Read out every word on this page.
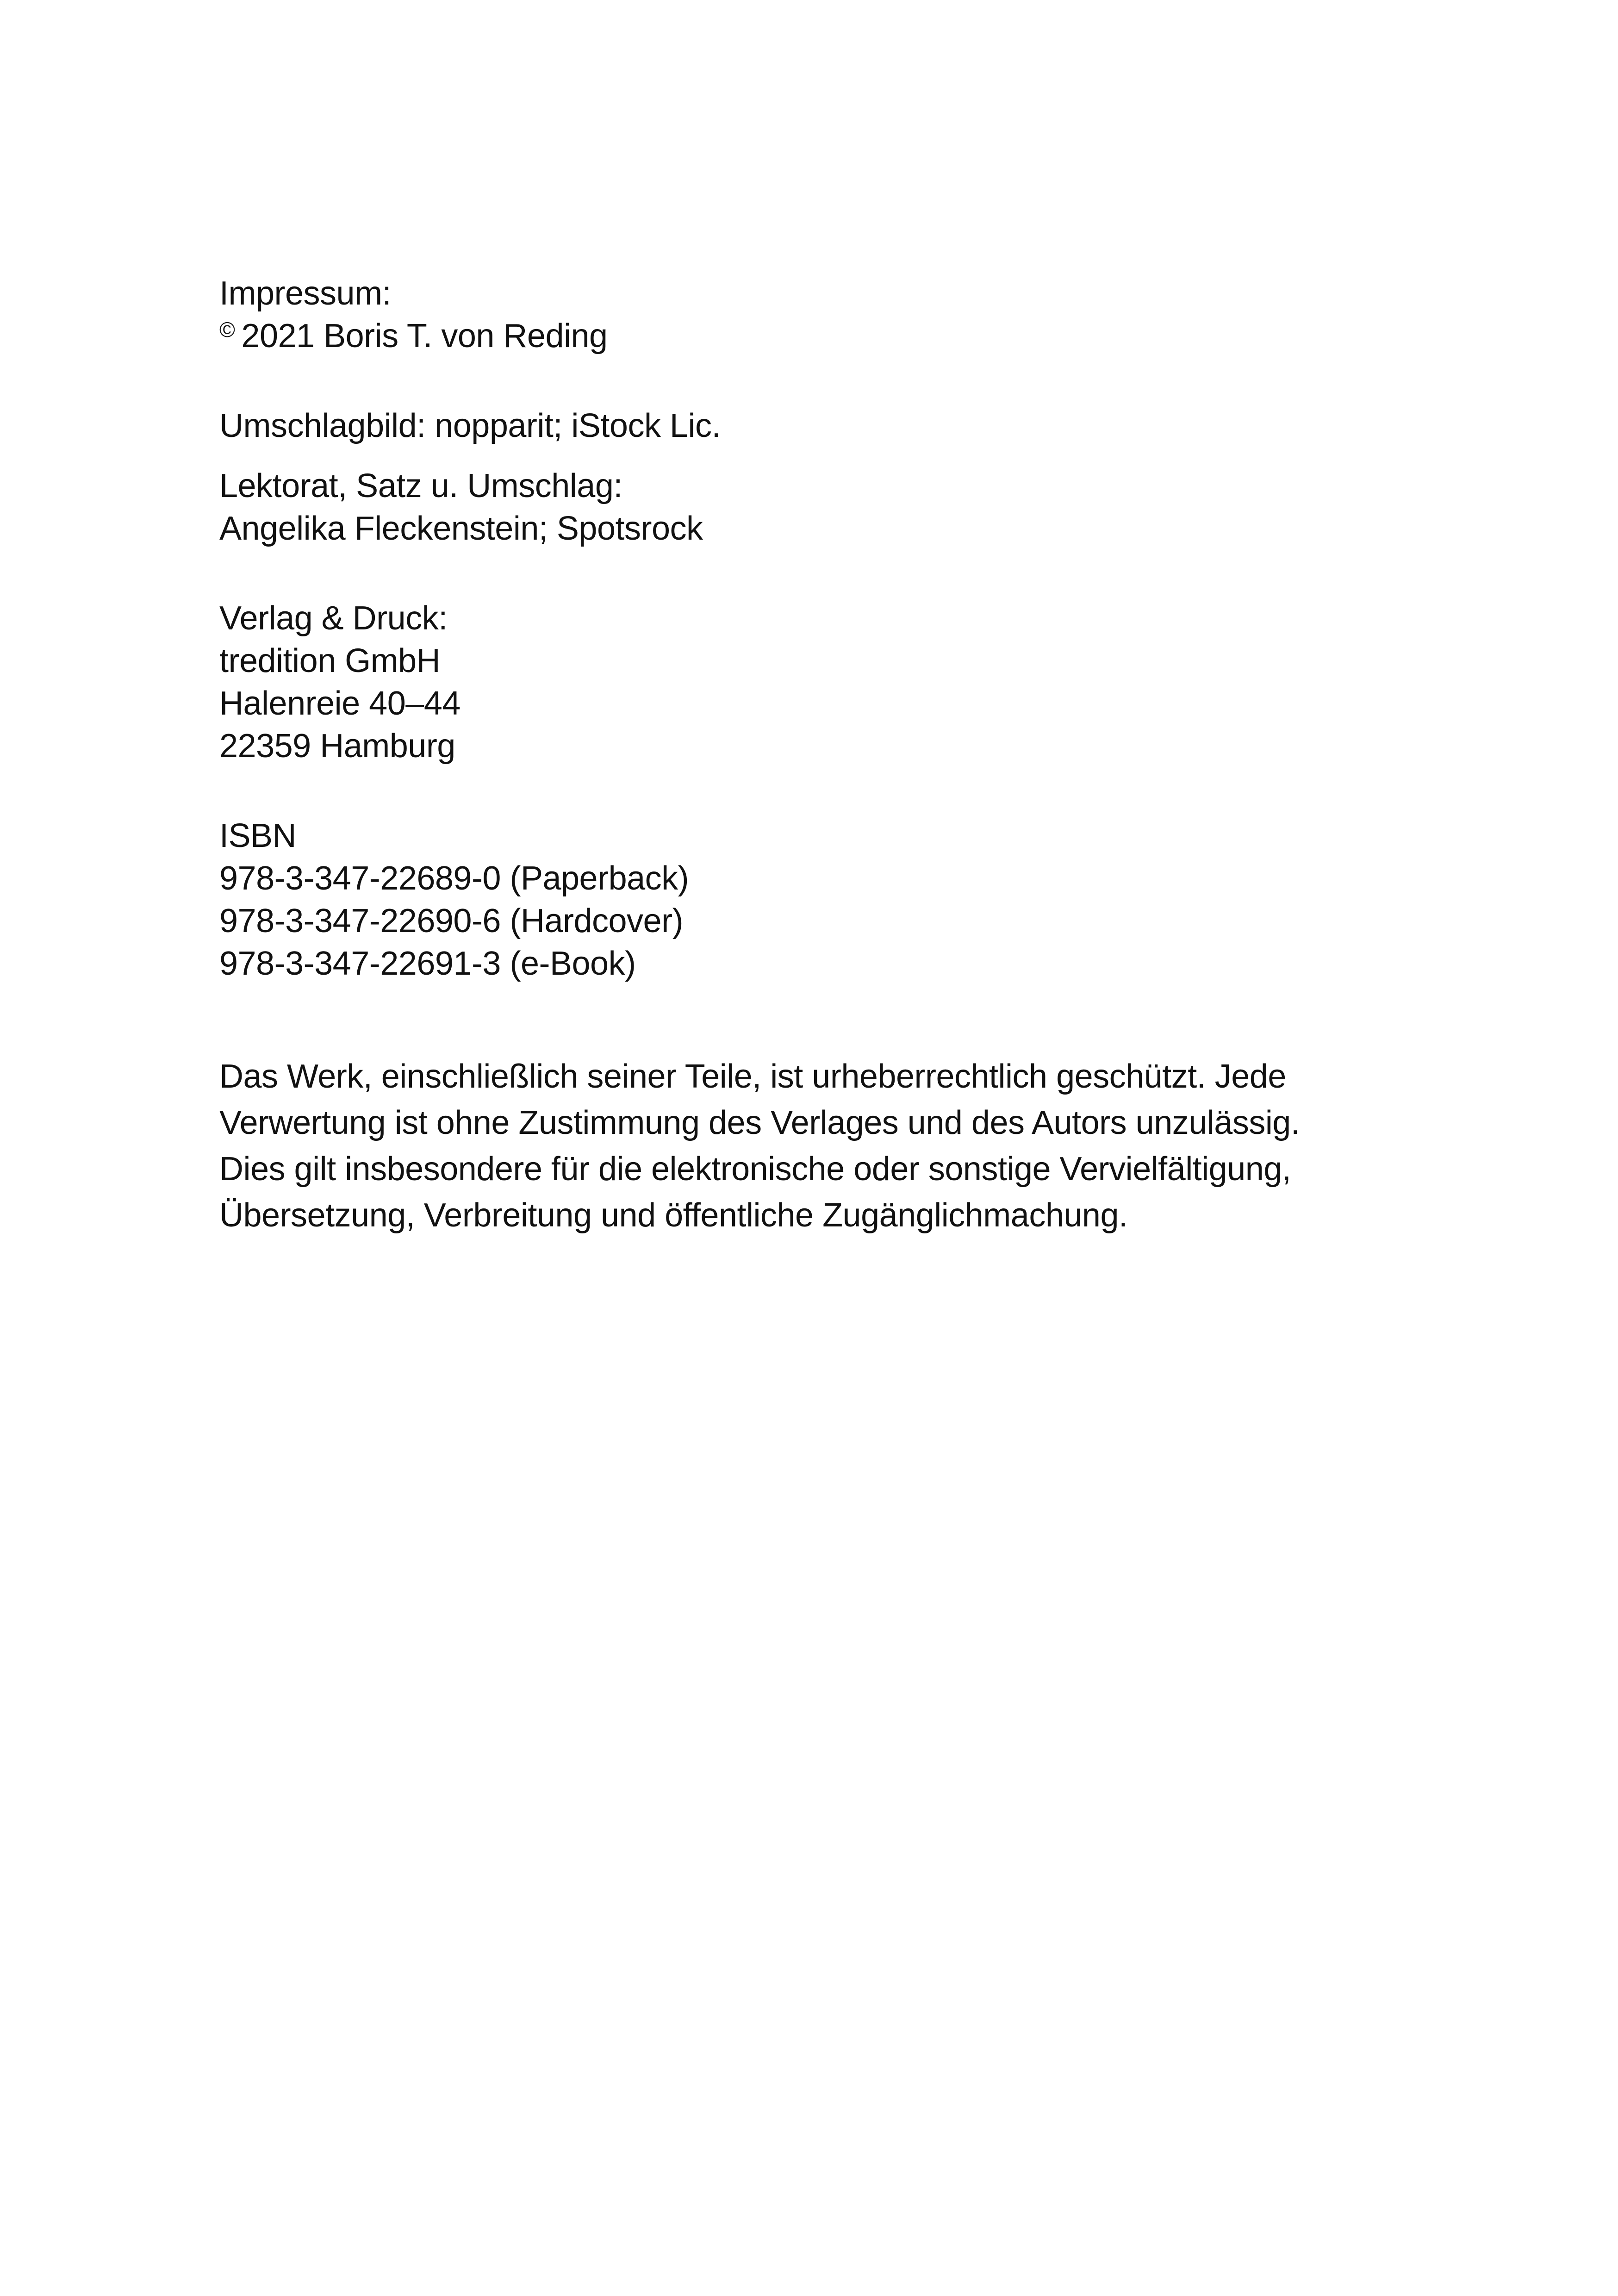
Impressum:
© 2021 Boris T. von Reding
Umschlagbild: nopparit; iStock Lic.
Lektorat, Satz u. Umschlag:
Angelika Fleckenstein; Spotsrock
Verlag & Druck:
tredition GmbH
Halenreie 40–44
22359 Hamburg
ISBN
978-3-347-22689-0 (Paperback)
978-3-347-22690-6 (Hardcover)
978-3-347-22691-3 (e-Book)
Das Werk, einschließlich seiner Teile, ist urheberrechtlich geschützt. Jede
Verwertung ist ohne Zustimmung des Verlages und des Autors unzulässig.
Dies gilt insbesondere für die elektronische oder sonstige Vervielfältigung,
Übersetzung, Verbreitung und öffentliche Zugänglichmachung.
